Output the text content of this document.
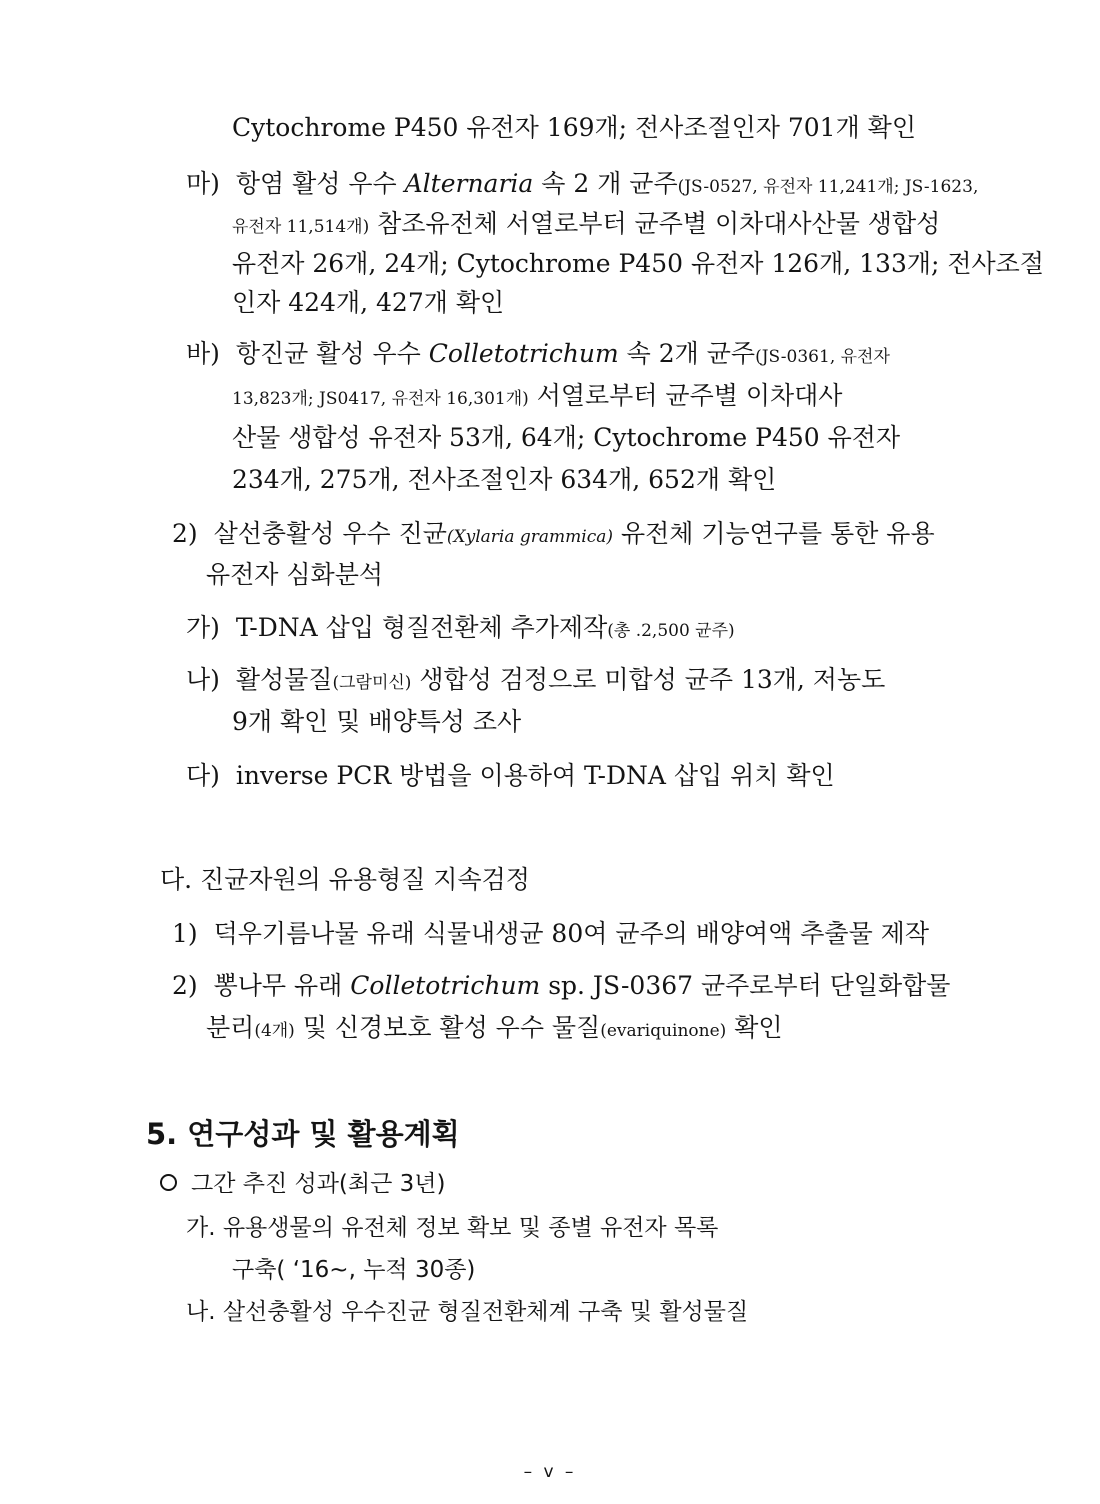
Cytochrome P450 유전자 169개; 전사조절인자 701개 확인
마) 항염 활성 우수 Alternaria 속 2 개 균주(JS-0527, 유전자 11,241개; JS-1623,
유전자 11,514개) 참조유전체 서열로부터 균주별 이차대사산물 생합성
유전자 26개, 24개; Cytochrome P450 유전자 126개, 133개; 전사조절
인자 424개, 427개 확인
바) 항진균 활성 우수 Colletotrichum 속 2개 균주(JS-0361, 유전자
13,823개; JS0417, 유전자 16,301개) 서열로부터 균주별 이차대사
산물 생합성 유전자 53개, 64개; Cytochrome P450 유전자
234개, 275개, 전사조절인자 634개, 652개 확인
2) 살선충활성 우수 진균(Xylaria grammica) 유전체 기능연구를 통한 유용
유전자 심화분석
가) T-DNA 삽입 형질전환체 추가제작(총 .2,500 균주)
나) 활성물질(그람미신) 생합성 검정으로 미합성 균주 13개, 저농도
9개 확인 및 배양특성 조사
다) inverse PCR 방법을 이용하여 T-DNA 삽입 위치 확인
다. 진균자원의 유용형질 지속검정
1) 덕우기름나물 유래 식물내생균 80여 균주의 배양여액 추출물 제작
2) 뽕나무 유래 Colletotrichum sp. JS-0367 균주로부터 단일화합물
분리(4개) 및 신경보호 활성 우수 물질(evariquinone) 확인
5. 연구성과 및 활용계획
그간 추진 성과(최근 3년)
가. 유용생물의 유전체 정보 확보 및 종별 유전자 목록
구축( ‘16~, 누적 30종)
나. 살선충활성 우수진균 형질전환체계 구축 및 활성물질
– v –
